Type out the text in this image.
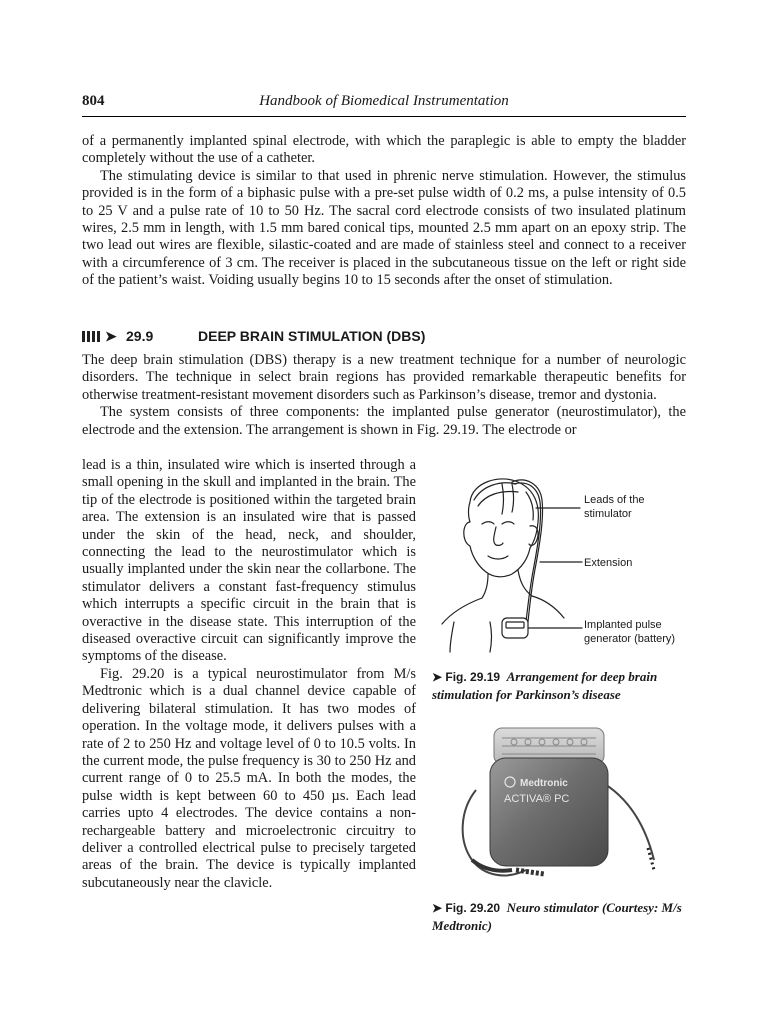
804	Handbook of Biomedical Instrumentation

of a permanently implanted spinal electrode, with which the paraplegic is able to empty the bladder completely without the use of a catheter.

The stimulating device is similar to that used in phrenic nerve stimulation. However, the stimulus provided is in the form of a biphasic pulse with a pre-set pulse width of 0.2 ms, a pulse intensity of 0.5 to 25 V and a pulse rate of 10 to 50 Hz. The sacral cord electrode consists of two insulated platinum wires, 2.5 mm in length, with 1.5 mm bared conical tips, mounted 2.5 mm apart on an epoxy strip. The two lead out wires are flexible, silastic-coated and are made of stainless steel and connect to a receiver with a circumference of 3 cm. The receiver is placed in the subcutaneous tissue on the left or right side of the patient’s waist. Voiding usually begins 10 to 15 seconds after the onset of stimulation.

➤ 29.9	DEEP BRAIN STIMULATION (DBS)

The deep brain stimulation (DBS) therapy is a new treatment technique for a number of neurologic disorders. The technique in select brain regions has provided remarkable therapeutic benefits for otherwise treatment-resistant movement disorders such as Parkinson’s disease, tremor and dystonia.

The system consists of three components: the implanted pulse generator (neurostimulator), the electrode and the extension. The arrangement is shown in Fig. 29.19. The electrode or

lead is a thin, insulated wire which is inserted through a small opening in the skull and implanted in the brain. The tip of the electrode is positioned within the targeted brain area. The extension is an insulated wire that is passed under the skin of the head, neck, and shoulder, connecting the lead to the neurostimulator which is usually implanted under the skin near the collarbone. The stimulator delivers a constant fast-frequency stimulus which interrupts a specific circuit in the brain that is overactive in the disease state. This interruption of the diseased overactive circuit can significantly improve the symptoms of the disease.

Fig. 29.20 is a typical neurostimulator from M/s Medtronic which is a dual channel device capable of delivering bilateral stimulation. It has two modes of operation. In the voltage mode, it delivers pulses with a rate of 2 to 250 Hz and voltage level of 0 to 10.5 volts. In the current mode, the pulse frequency is 30 to 250 Hz and current range of 0 to 25.5 mA. In both the modes, the pulse width is kept between 60 to 450 µs. Each lead carries upto 4 electrodes. The device contains a non-rechargeable battery and microelectronic circuitry to deliver a controlled electrical pulse to precisely targeted areas of the brain. The device is typically implanted subcutaneously near the clavicle.

Leads of the
stimulator
Extension
Implanted pulse
generator (battery)
➤ Fig. 29.19 Arrangement for deep brain stimulation for Parkinson’s disease
Medtronic
ACTIVA® PC
➤ Fig. 29.20 Neuro stimulator (Courtesy: M/s Medtronic)
